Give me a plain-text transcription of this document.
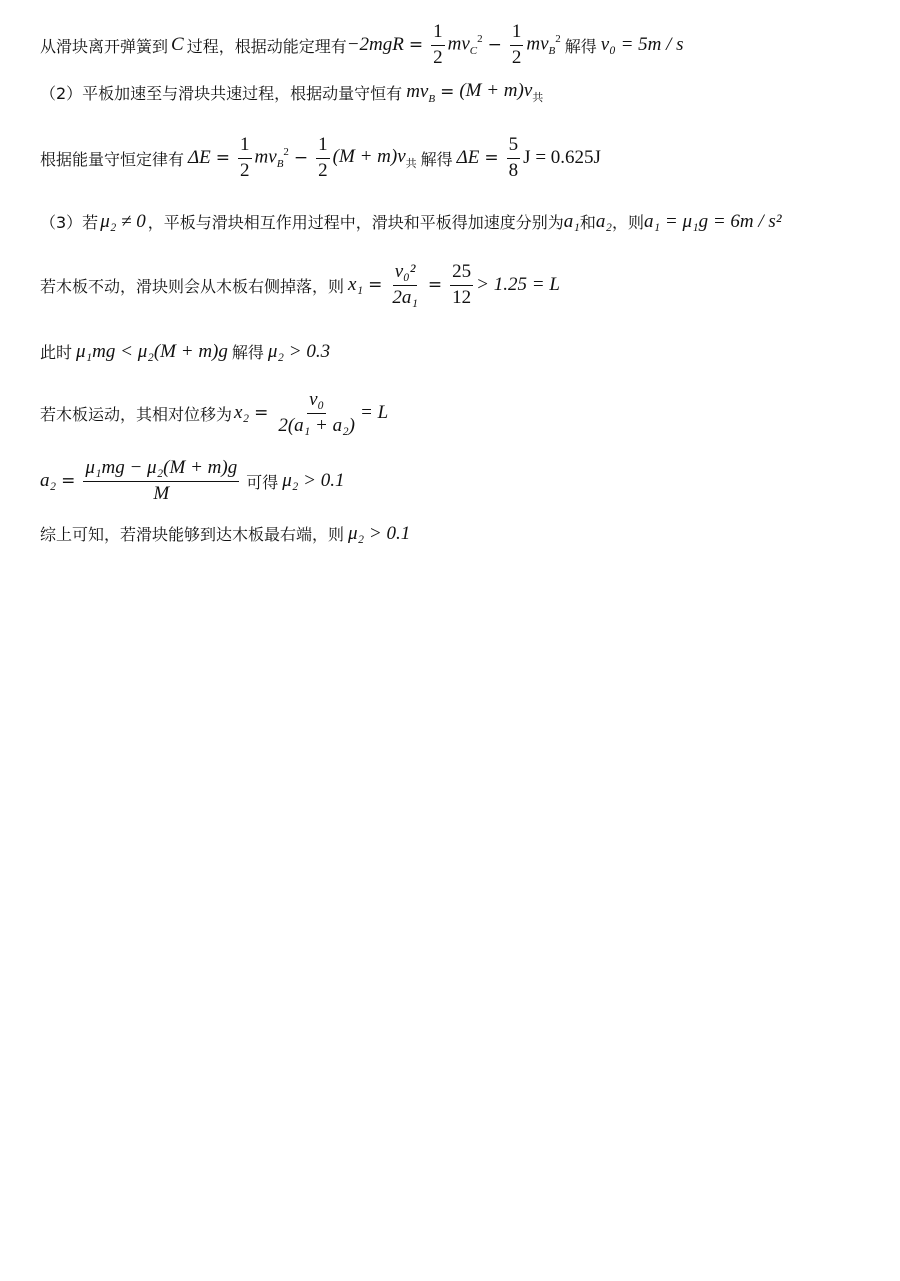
从滑块离开弹簧到 C 过程，根据动能定理有 $-2mgR = \frac{1}{2} mv_C^2 - \frac{1}{2} mv_B^2$ 解得 v₀ = 5m / s
（2）平板加速至与滑块共速过程，根据动量守恒有 $mv_B = (M + m)v_共$
根据能量守恒定律有 $\Delta E = \frac{1}{2} mv_B^2 - \frac{1}{2} (M + m)v_共$ 解得 $\Delta E = \frac{5}{8}$ J = 0.625J
（3）若 μ₂ ≠ 0 ，平板与滑块相互作用过程中，滑块和平板得加速度分别为 a₁ 和 a₂ ，则 a₁ = μ₁g = 6m / s²
若木板不动，滑块则会从木板右侧掉落，则 $x_1 = \frac{\text{v₀²}}{\text{2a₁}} = \frac{25}{12} > 1.25 = L$
此时 μ₁mg < μ₂(M + m)g 解得 μ₂ > 0.3
若木板运动，其相对位移为 $x_2 = \frac{\text{v₀}}{\text{2(a₁ + a₂)}} = L$
$a_2 = \frac{\text{μ₁mg − μ₂(M + m)g}}{M}$ 可得 μ₂ > 0.1
综上可知，若滑块能够到达木板最右端，则 μ₂ > 0.1
